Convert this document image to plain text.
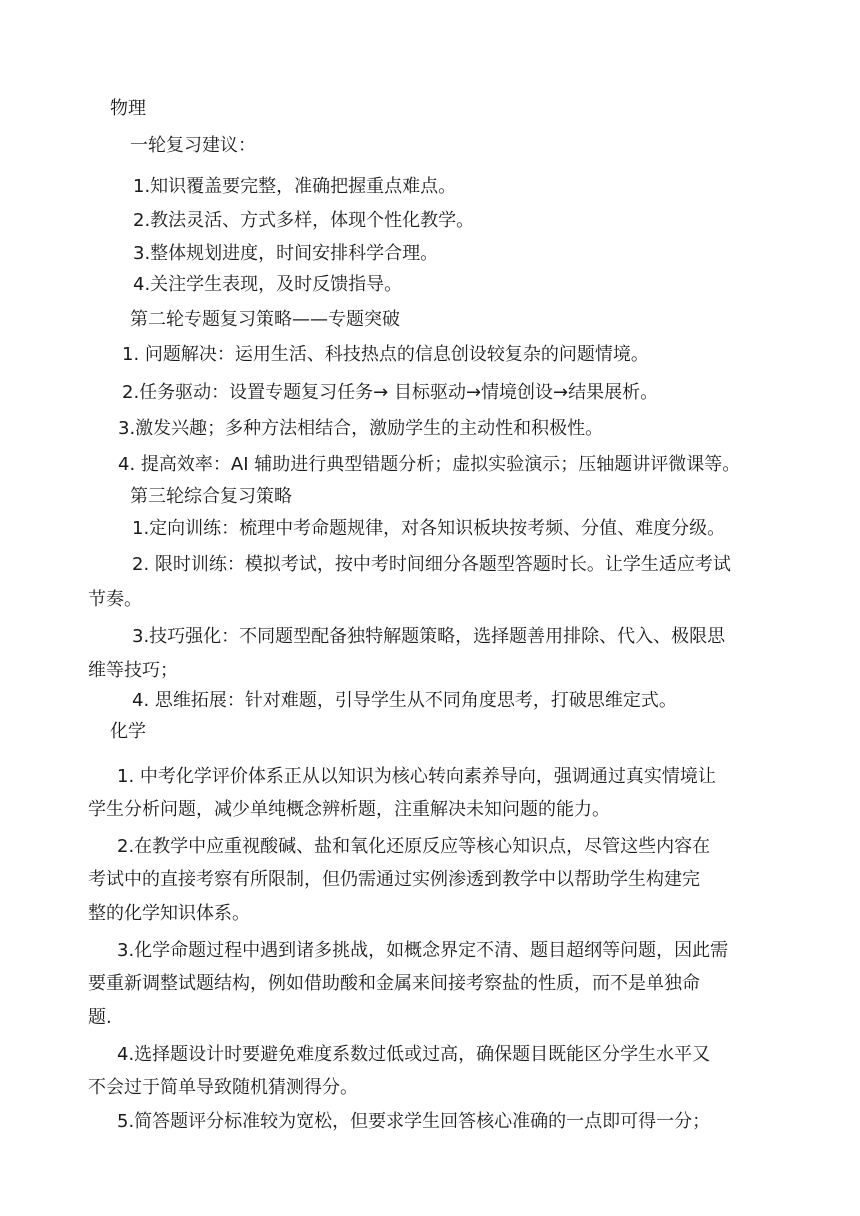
物理
一轮复习建议：
1.知识覆盖要完整，准确把握重点难点。
2.教法灵活、方式多样，体现个性化教学。
3.整体规划进度，时间安排科学合理。
4.关注学生表现，及时反馈指导。
第二轮专题复习策略——专题突破
1. 问题解决：运用生活、科技热点的信息创设较复杂的问题情境。
2.任务驱动：设置专题复习任务→ 目标驱动→情境创设→结果展析。
3.激发兴趣；多种方法相结合，激励学生的主动性和积极性。
4. 提高效率：AI 辅助进行典型错题分析；虚拟实验演示；压轴题讲评微课等。
第三轮综合复习策略
1.定向训练：梳理中考命题规律，对各知识板块按考频、分值、难度分级。
2. 限时训练：模拟考试，按中考时间细分各题型答题时长。让学生适应考试
节奏。
3.技巧强化：不同题型配备独特解题策略，选择题善用排除、代入、极限思
维等技巧；
4. 思维拓展：针对难题，引导学生从不同角度思考，打破思维定式。
化学
1. 中考化学评价体系正从以知识为核心转向素养导向，强调通过真实情境让
学生分析问题，减少单纯概念辨析题，注重解决未知问题的能力。
2.在教学中应重视酸碱、盐和氧化还原反应等核心知识点，尽管这些内容在
考试中的直接考察有所限制，但仍需通过实例渗透到教学中以帮助学生构建完
整的化学知识体系。
3.化学命题过程中遇到诸多挑战，如概念界定不清、题目超纲等问题，因此需
要重新调整试题结构，例如借助酸和金属来间接考察盐的性质，而不是单独命
题.
4.选择题设计时要避免难度系数过低或过高，确保题目既能区分学生水平又
不会过于简单导致随机猜测得分。
5.简答题评分标准较为宽松，但要求学生回答核心准确的一点即可得一分；
